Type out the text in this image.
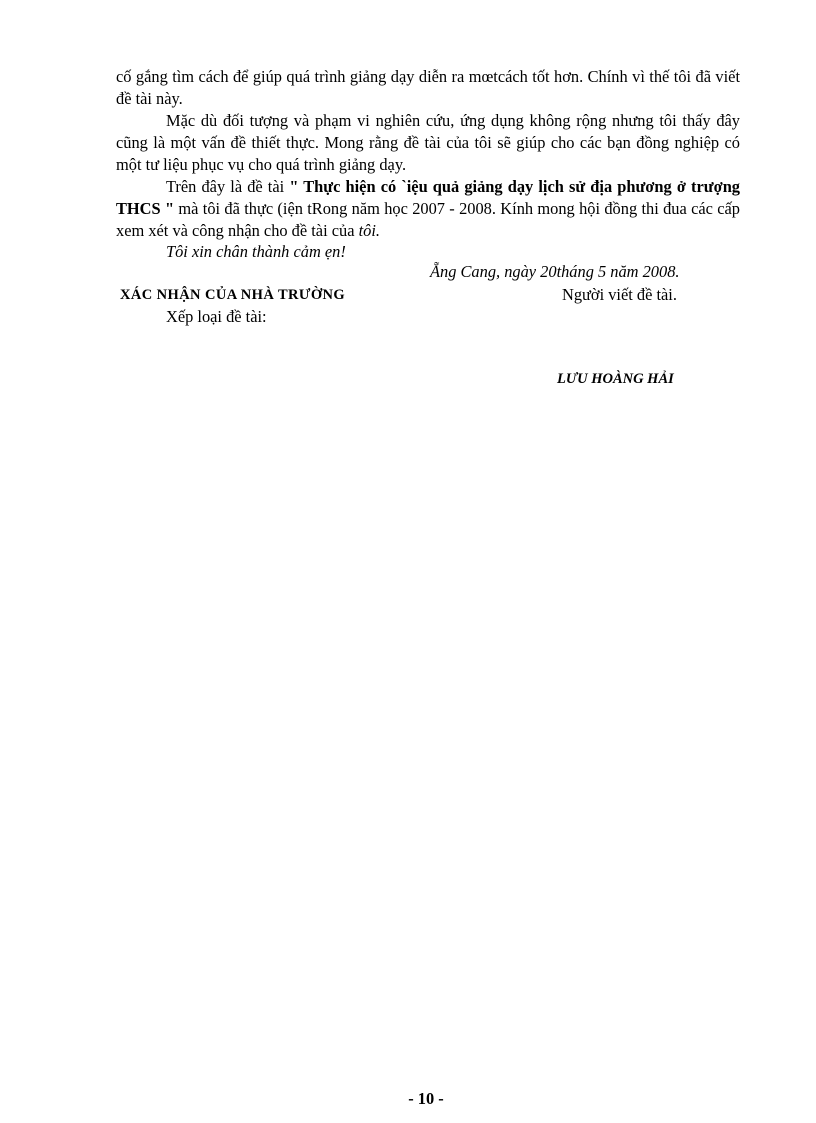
cố gắng tìm cách để giúp quá trình giảng dạy diễn ra mœtcách tốt hơn. Chính vì thế tôi đã viết đề tài này.

Mặc dù đối tượng và phạm vi nghiên cứu, ứng dụng không rộng nhưng tôi thấy đây cũng là một vấn đề thiết thực. Mong rằng đề tài của tôi sẽ giúp cho các bạn đồng nghiệp có một tư liệu phục vụ cho quá trình giảng dạy.

Trên đây là đề tài " Thực hiện có `iệu quả giảng dạy lịch sử địa phương ở trượng THCS " mà tôi đã thực (iện tRong năm học 2007 - 2008. Kính mong hội đồng thi đua các cấp xem xét và công nhận cho đề tài của tôi.

Tôi xin chân thành cảm ẹn!
Ẵng Cang, ngày 20tháng 5 năm 2008.
XÁC NHẬN CỦA NHÀ TRƯỜNG	Người viết đề tài.
Xếp loại đề tài:
LƯU HOÀNG HẢI
- 10 -
